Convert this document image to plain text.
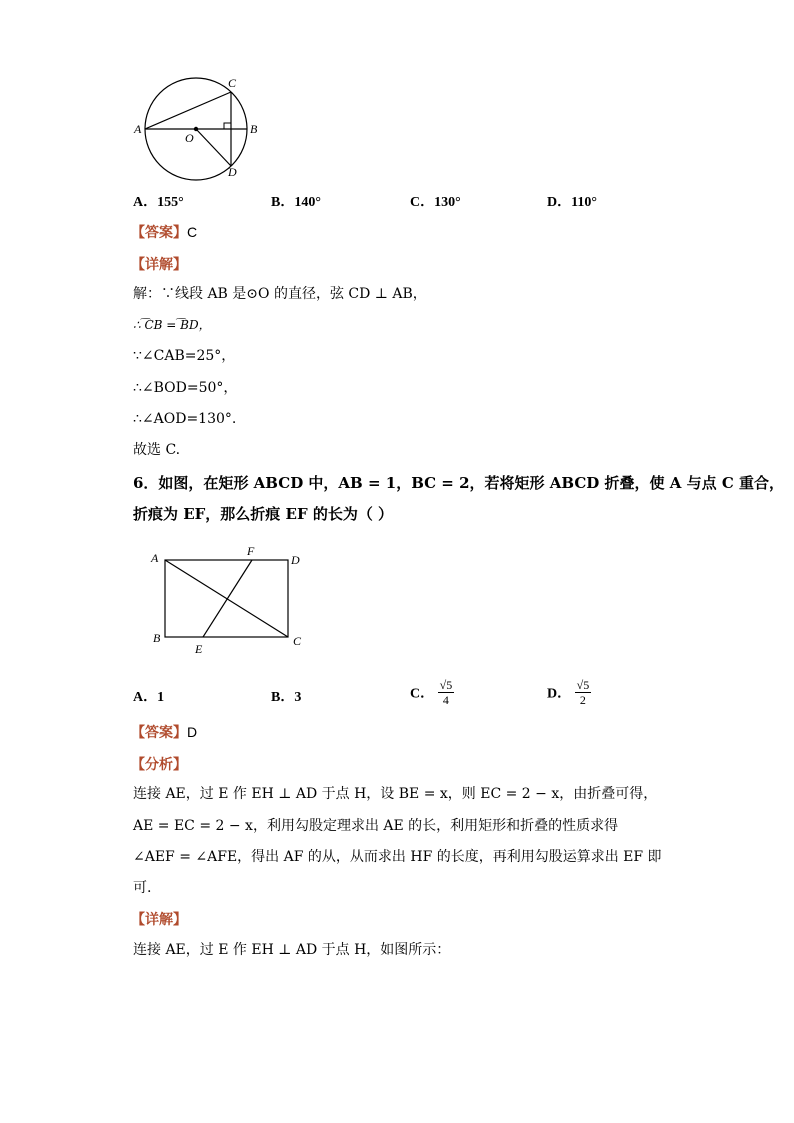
A	B
C
D
O
A．155°	B．140°	C．130°	D．110°
【答案】C
【详解】
解：∵线段 AB 是⊙O 的直径，弦 CD ⊥ AB，
∴ ͡CB = ͡BD，
∵∠CAB=25°，
∴∠BOD=50°，
∴∠AOD=130°.
故选 C.
6．如图，在矩形 ABCD 中，AB = 1，BC = 2，若将矩形 ABCD 折叠，使 A 与点 C 重合，
折痕为 EF，那么折痕 EF 的长为（ ）
A	F
D
B	C
E
A．1	B．3	C． $\frac{√5}{4}$	D． $\frac{√5}{2}$
【答案】D
【分析】
连接 AE，过 E 作 EH ⊥ AD 于点 H，设 BE = x，则 EC = 2 − x，由折叠可得，
AE = EC = 2 − x，利用勾股定理求出 AE 的长，利用矩形和折叠的性质求得
∠AEF = ∠AFE，得出 AF 的从，从而求出 HF 的长度，再利用勾股运算求出 EF 即
可.
【详解】
连接 AE，过 E 作 EH ⊥ AD 于点 H，如图所示：
